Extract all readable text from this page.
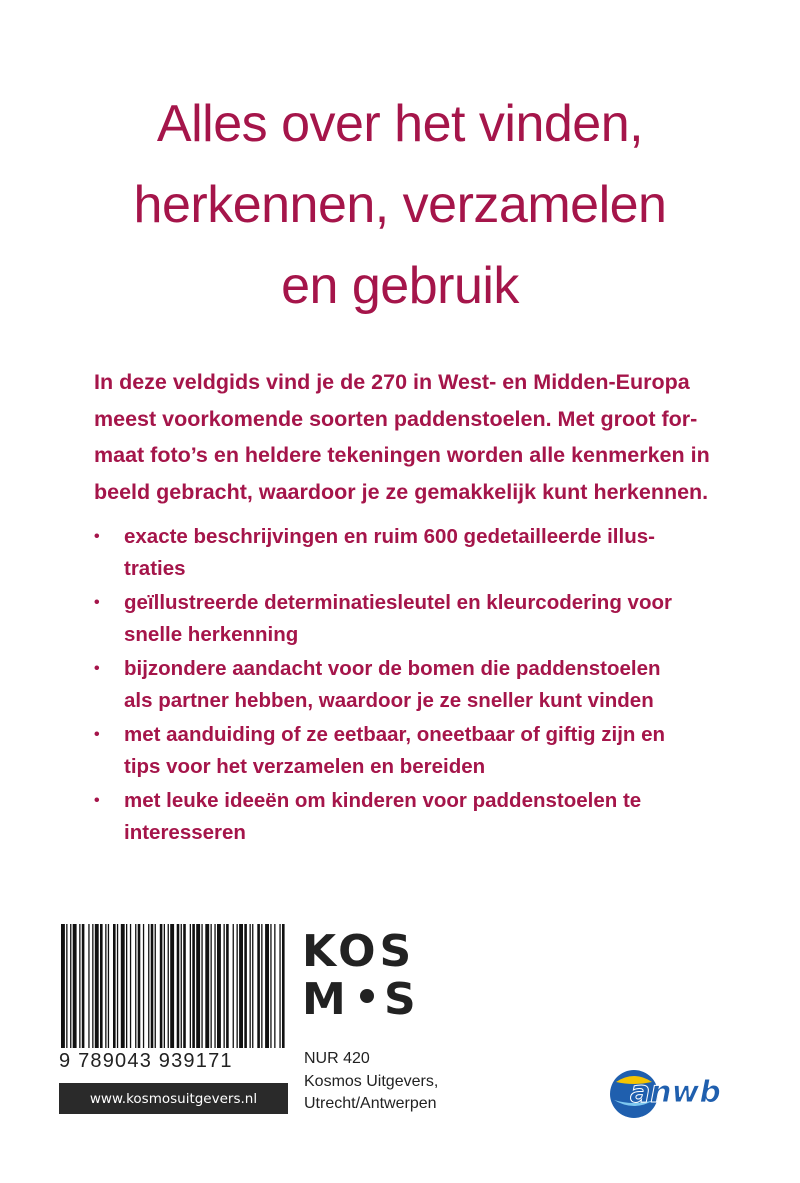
Alles over het vinden,
herkennen, verzamelen
en gebruik
In deze veldgids vind je de 270 in West- en Midden-Europa
meest voorkomende soorten paddenstoelen. Met groot for-
maat foto’s en heldere tekeningen worden alle kenmerken in
beeld gebracht, waardoor je ze gemakkelijk kunt herkennen.
•	exacte beschrijvingen en ruim 600 gedetailleerde illus-
traties
•	geïllustreerde determinatiesleutel en kleurcodering voor
snelle herkenning
•	bijzondere aandacht voor de bomen die paddenstoelen
als partner hebben, waardoor je ze sneller kunt vinden
•	met aanduiding of ze eetbaar, oneetbaar of giftig zijn en
tips voor het verzamelen en bereiden
•	met leuke ideeën om kinderen voor paddenstoelen te
interesseren
9 789043 939171
www.kosmosuitgevers.nl
KOS
M S
NUR 420
Kosmos Uitgevers,
Utrecht/Antwerpen	anwb
